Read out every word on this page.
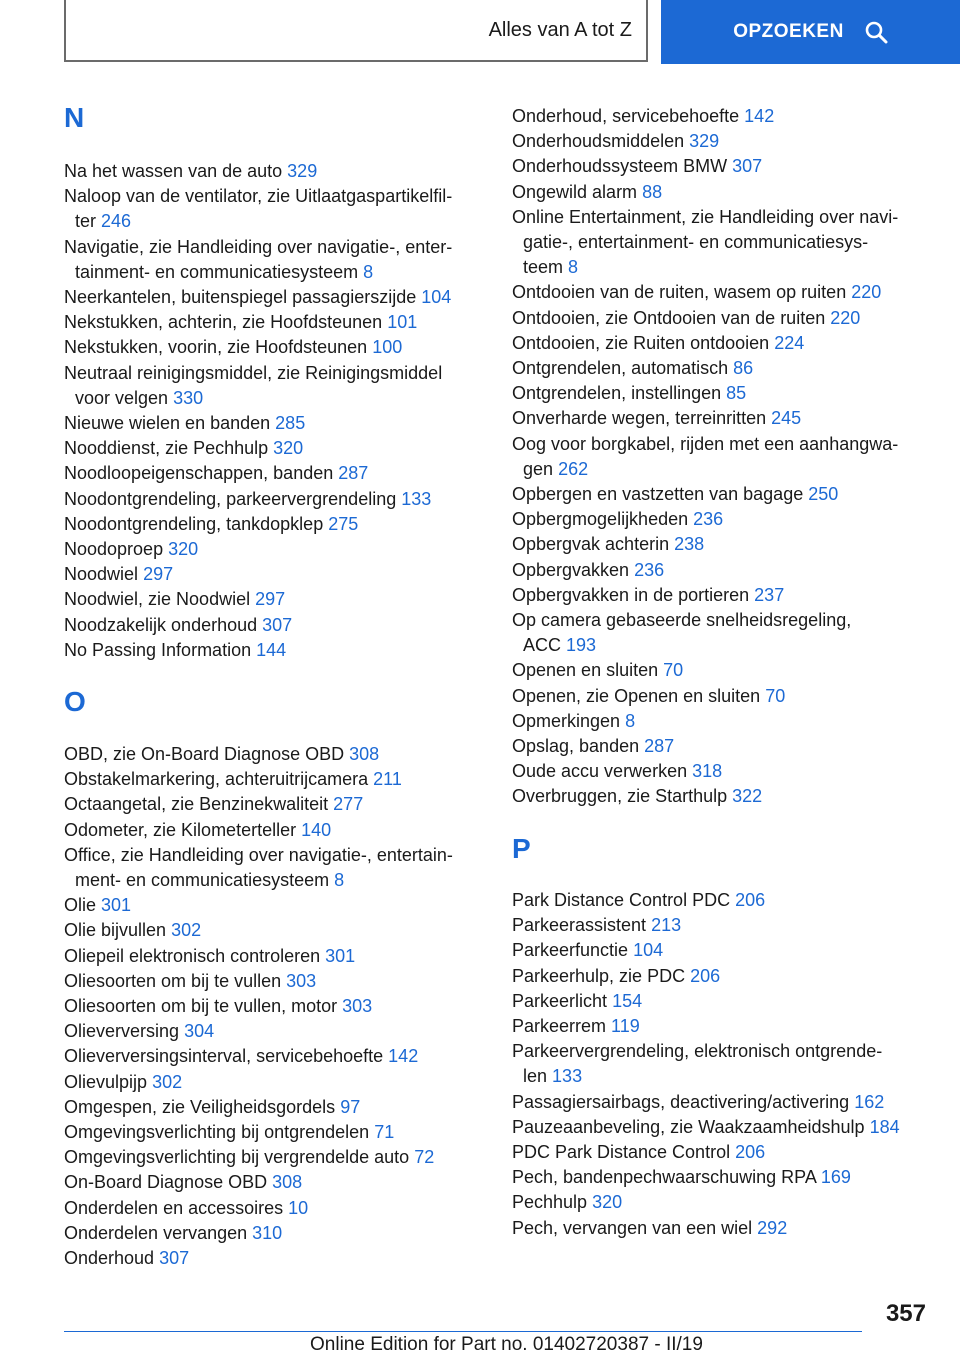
Alles van A tot Z	OPZOEKEN
N
O
Na het wassen van de auto 329
Naloop van de ventilator, zie Uitlaatgaspartikelfil-
ter 246
Navigatie, zie Handleiding over navigatie-, enter-
tainment- en communicatiesysteem 8
Neerkantelen, buitenspiegel passagierszijde 104
Nekstukken, achterin, zie Hoofdsteunen 101
Nekstukken, voorin, zie Hoofdsteunen 100
Neutraal reinigingsmiddel, zie Reinigingsmiddel
voor velgen 330
Nieuwe wielen en banden 285
Nooddienst, zie Pechhulp 320
Noodloopeigenschappen, banden 287
Noodontgrendeling, parkeervergrendeling 133
Noodontgrendeling, tankdopklep 275
Noodoproep 320
Noodwiel 297
Noodwiel, zie Noodwiel 297
Noodzakelijk onderhoud 307
No Passing Information 144
OBD, zie On-Board Diagnose OBD 308
Obstakelmarkering, achteruitrijcamera 211
Octaangetal, zie Benzinekwaliteit 277
Odometer, zie Kilometerteller 140
Office, zie Handleiding over navigatie-, entertain-
ment- en communicatiesysteem 8
Olie 301
Olie bijvullen 302
Oliepeil elektronisch controleren 301
Oliesoorten om bij te vullen 303
Oliesoorten om bij te vullen, motor 303
Olieverversing 304
Olieverversingsinterval, servicebehoefte 142
Olievulpijp 302
Omgespen, zie Veiligheidsgordels 97
Omgevingsverlichting bij ontgrendelen 71
Omgevingsverlichting bij vergrendelde auto 72
On-Board Diagnose OBD 308
Onderdelen en accessoires 10
Onderdelen vervangen 310
Onderhoud 307
P
Onderhoud, servicebehoefte 142
Onderhoudsmiddelen 329
Onderhoudssysteem BMW 307
Ongewild alarm 88
Online Entertainment, zie Handleiding over navi-
gatie-, entertainment- en communicatiesys-
teem 8
Ontdooien van de ruiten, wasem op ruiten 220
Ontdooien, zie Ontdooien van de ruiten 220
Ontdooien, zie Ruiten ontdooien 224
Ontgrendelen, automatisch 86
Ontgrendelen, instellingen 85
Onverharde wegen, terreinritten 245
Oog voor borgkabel, rijden met een aanhangwa-
gen 262
Opbergen en vastzetten van bagage 250
Opbergmogelijkheden 236
Opbergvak achterin 238
Opbergvakken 236
Opbergvakken in de portieren 237
Op camera gebaseerde snelheidsregeling,
ACC 193
Openen en sluiten 70
Openen, zie Openen en sluiten 70
Opmerkingen 8
Opslag, banden 287
Oude accu verwerken 318
Overbruggen, zie Starthulp 322
Park Distance Control PDC 206
Parkeerassistent 213
Parkeerfunctie 104
Parkeerhulp, zie PDC 206
Parkeerlicht 154
Parkeerrem 119
Parkeervergrendeling, elektronisch ontgrende-
len 133
Passagiersairbags, deactivering/activering 162
Pauzeaanbeveling, zie Waakzaamheidshulp 184
PDC Park Distance Control 206
Pech, bandenpechwaarschuwing RPA 169
Pechhulp 320
Pech, vervangen van een wiel 292
357
Online Edition for Part no. 01402720387 - II/19
